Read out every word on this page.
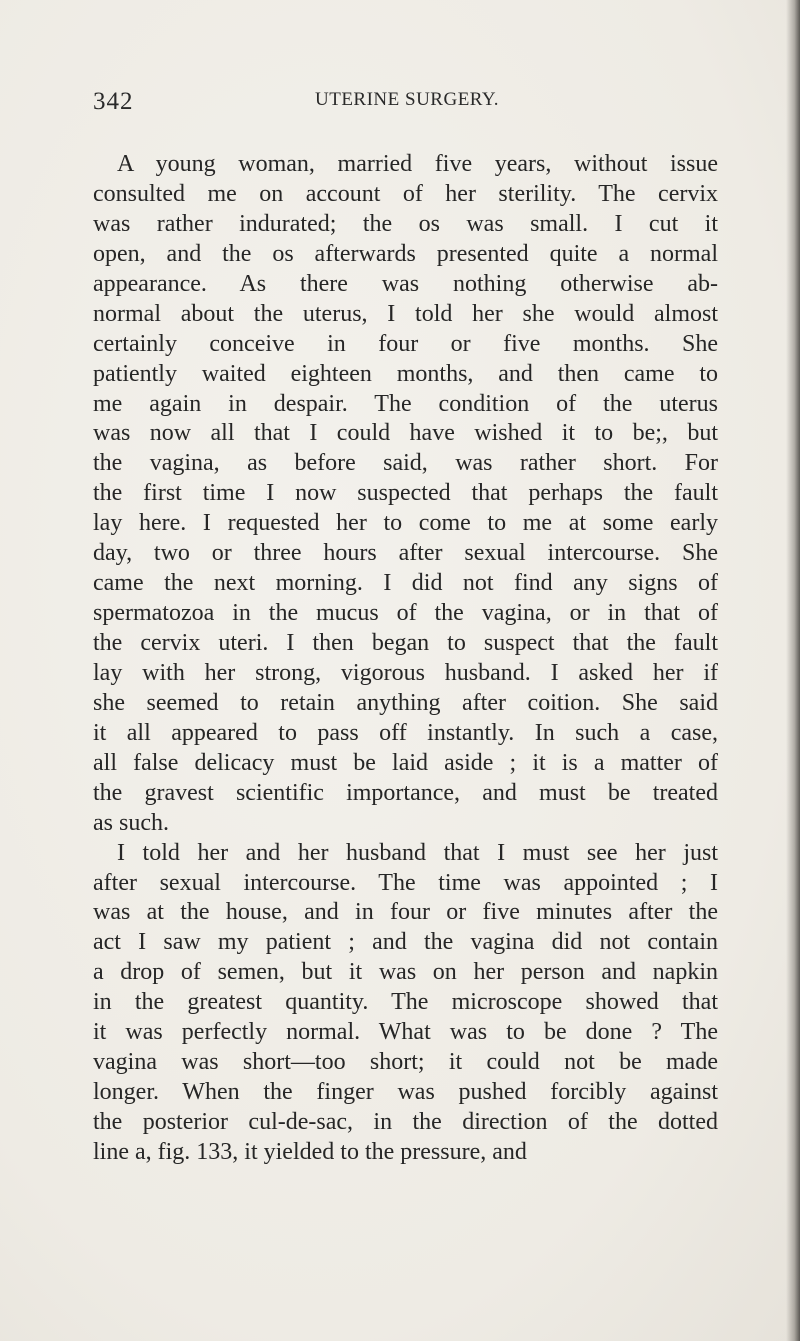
342	UTERINE SURGERY.
A young woman, married five years, without issue
consulted me on account of her sterility. The cervix
was rather indurated; the os was small. I cut it
open, and the os afterwards presented quite a normal
appearance. As there was nothing otherwise ab-
normal about the uterus, I told her she would almost
certainly conceive in four or five months. She
patiently waited eighteen months, and then came to
me again in despair. The condition of the uterus
was now all that I could have wished it to be;, but
the vagina, as before said, was rather short. For
the first time I now suspected that perhaps the fault
lay here. I requested her to come to me at some early
day, two or three hours after sexual intercourse. She
came the next morning. I did not find any signs of
spermatozoa in the mucus of the vagina, or in that of
the cervix uteri. I then began to suspect that the fault
lay with her strong, vigorous husband. I asked her if
she seemed to retain anything after coition. She said
it all appeared to pass off instantly. In such a case,
all false delicacy must be laid aside ; it is a matter of
the gravest scientific importance, and must be treated
as such.
I told her and her husband that I must see her just
after sexual intercourse. The time was appointed ; I
was at the house, and in four or five minutes after the
act I saw my patient ; and the vagina did not contain
a drop of semen, but it was on her person and napkin
in the greatest quantity. The microscope showed that
it was perfectly normal. What was to be done ? The
vagina was short—too short; it could not be made
longer. When the finger was pushed forcibly against
the posterior cul-de-sac, in the direction of the dotted
line a, fig. 133, it yielded to the pressure, and
